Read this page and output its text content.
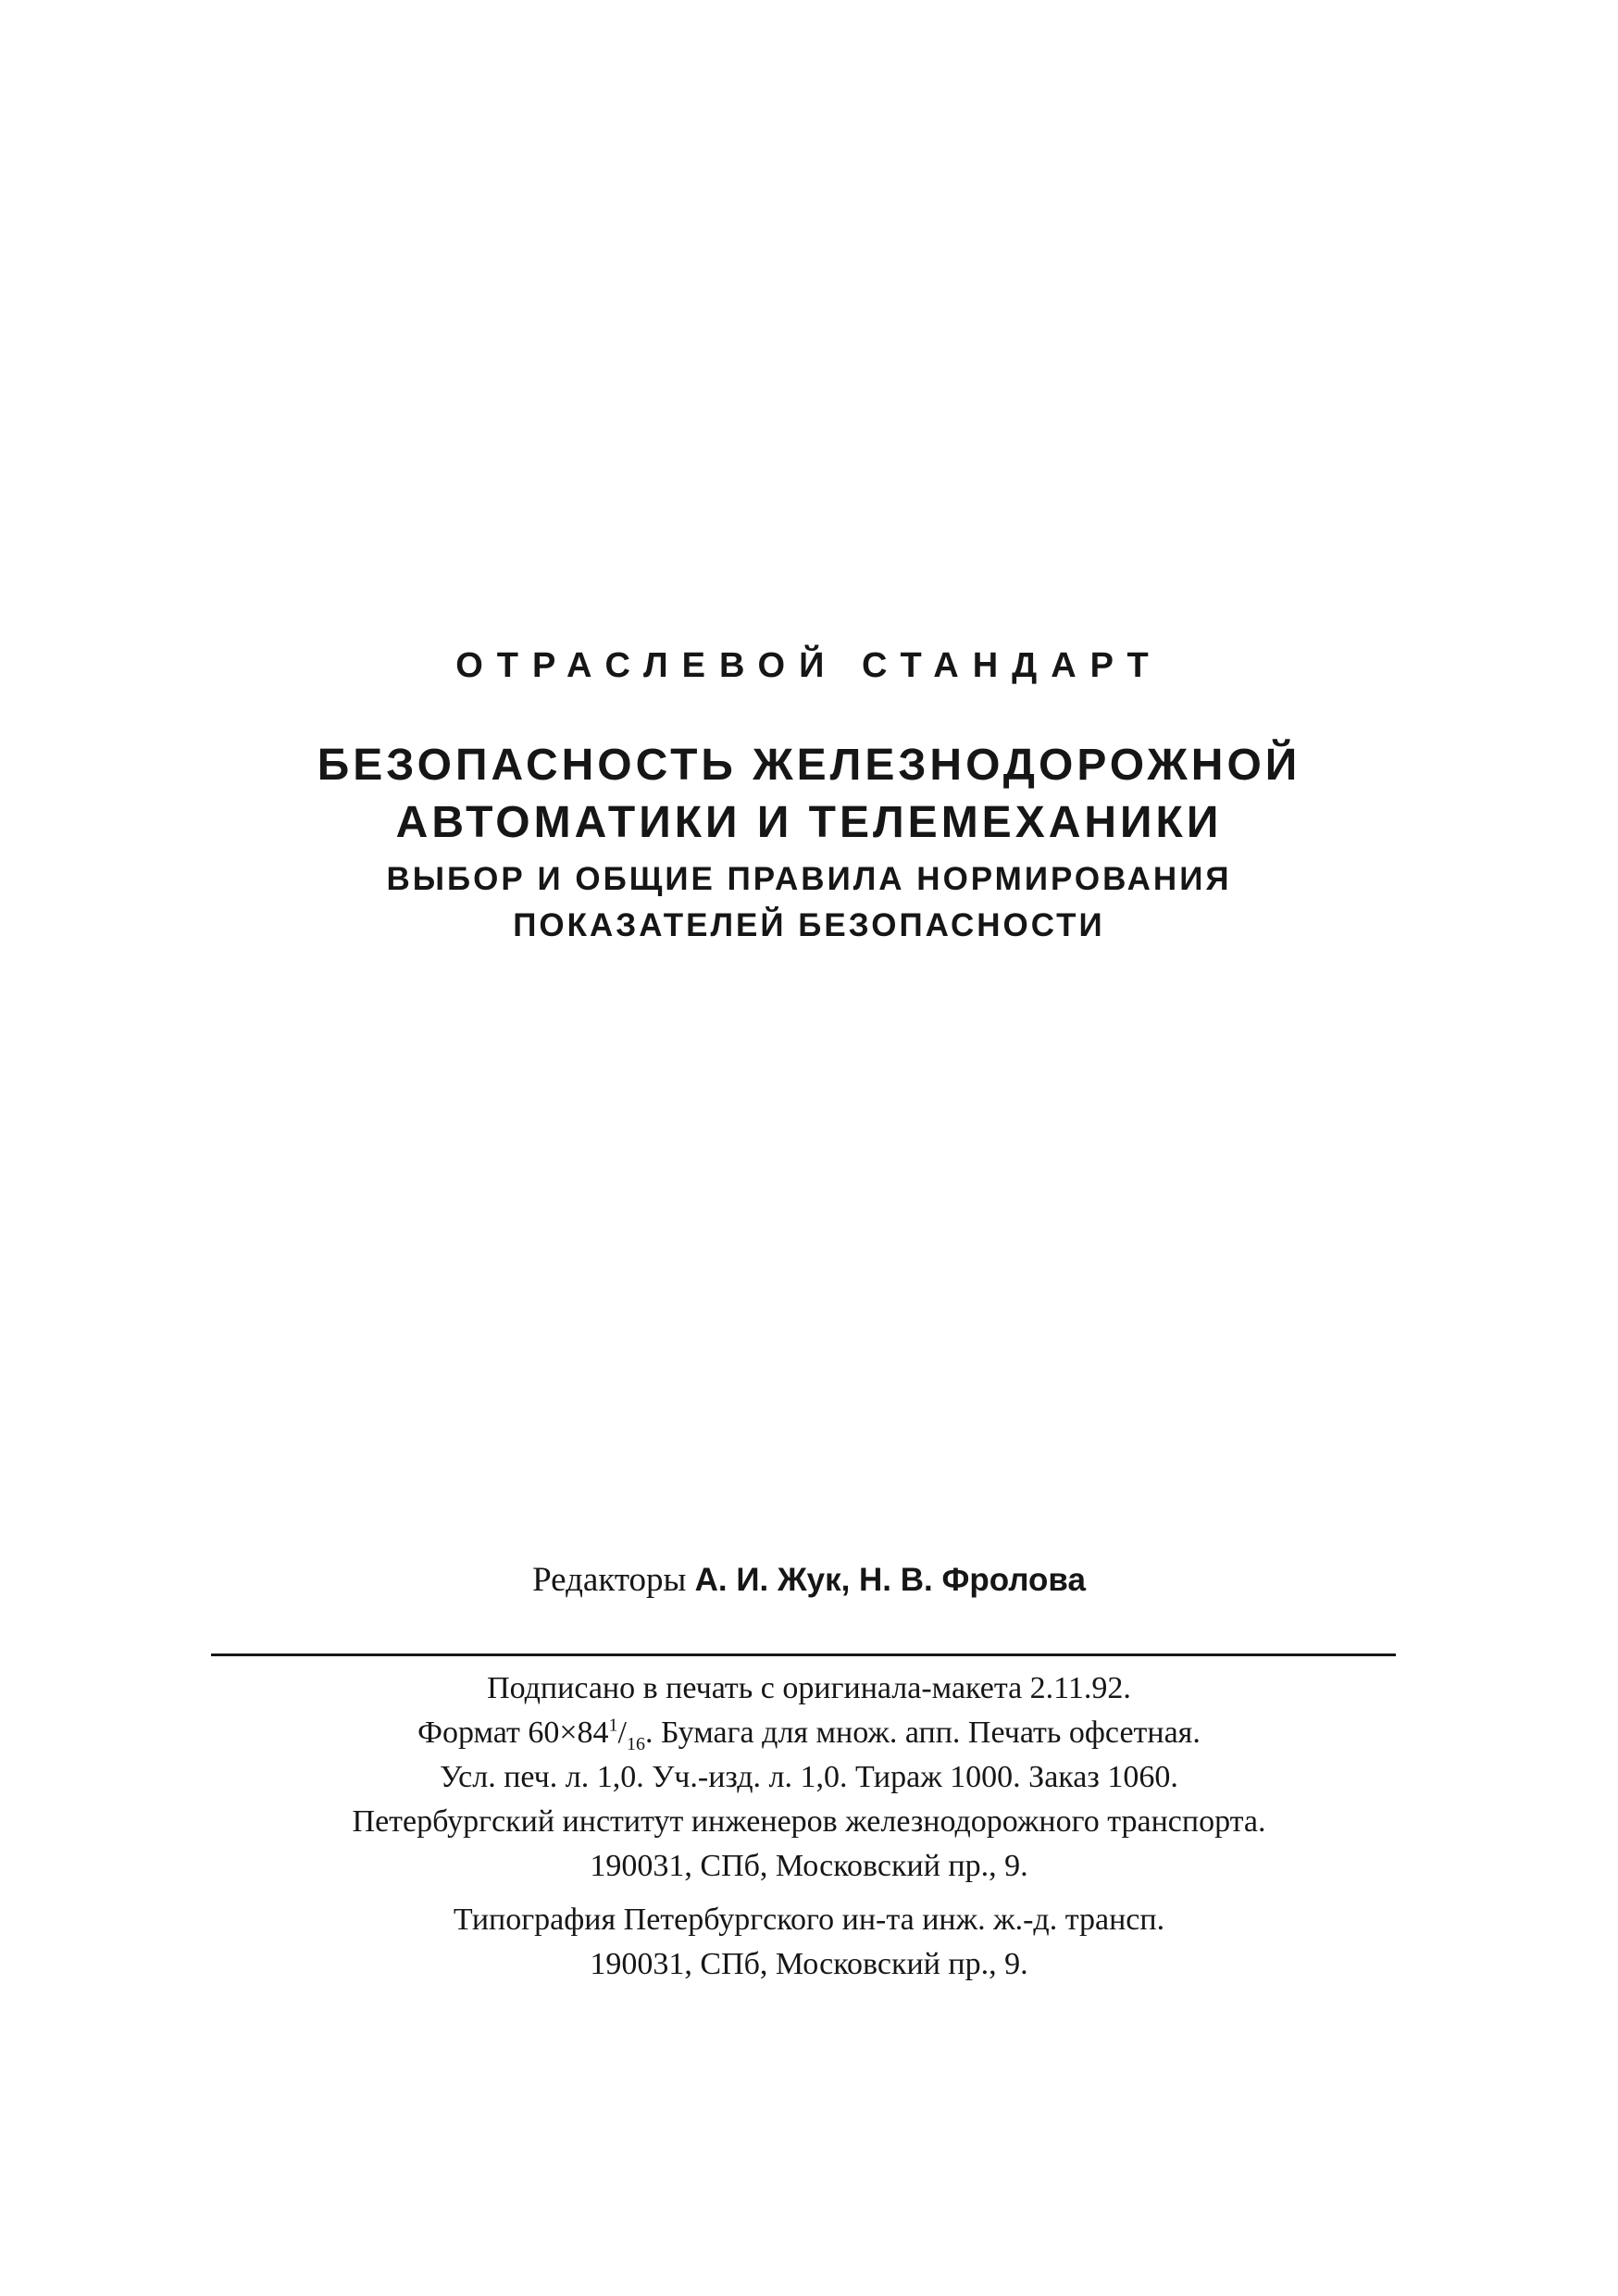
ОТРАСЛЕВОЙ СТАНДАРТ
БЕЗОПАСНОСТЬ ЖЕЛЕЗНОДОРОЖНОЙ
АВТОМАТИКИ И ТЕЛЕМЕХАНИКИ
ВЫБОР И ОБЩИЕ ПРАВИЛА НОРМИРОВАНИЯ
ПОКАЗАТЕЛЕЙ БЕЗОПАСНОСТИ
Редакторы А. И. Жук, Н. В. Фролова
Подписано в печать с оригинала-макета 2.11.92.
Формат $60\times 84^1/_{16}$. Бумага для множ. апп. Печать офсетная.
Усл. печ. л. 1,0. Уч.-изд. л. 1,0. Тираж 1000. Заказ 1060.
Петербургский институт инженеров железнодорожного транспорта.
190031, СПб, Московский пр., 9.
Типография Петербургского ин-та инж. ж.-д. трансп.
190031, СПб, Московский пр., 9.
